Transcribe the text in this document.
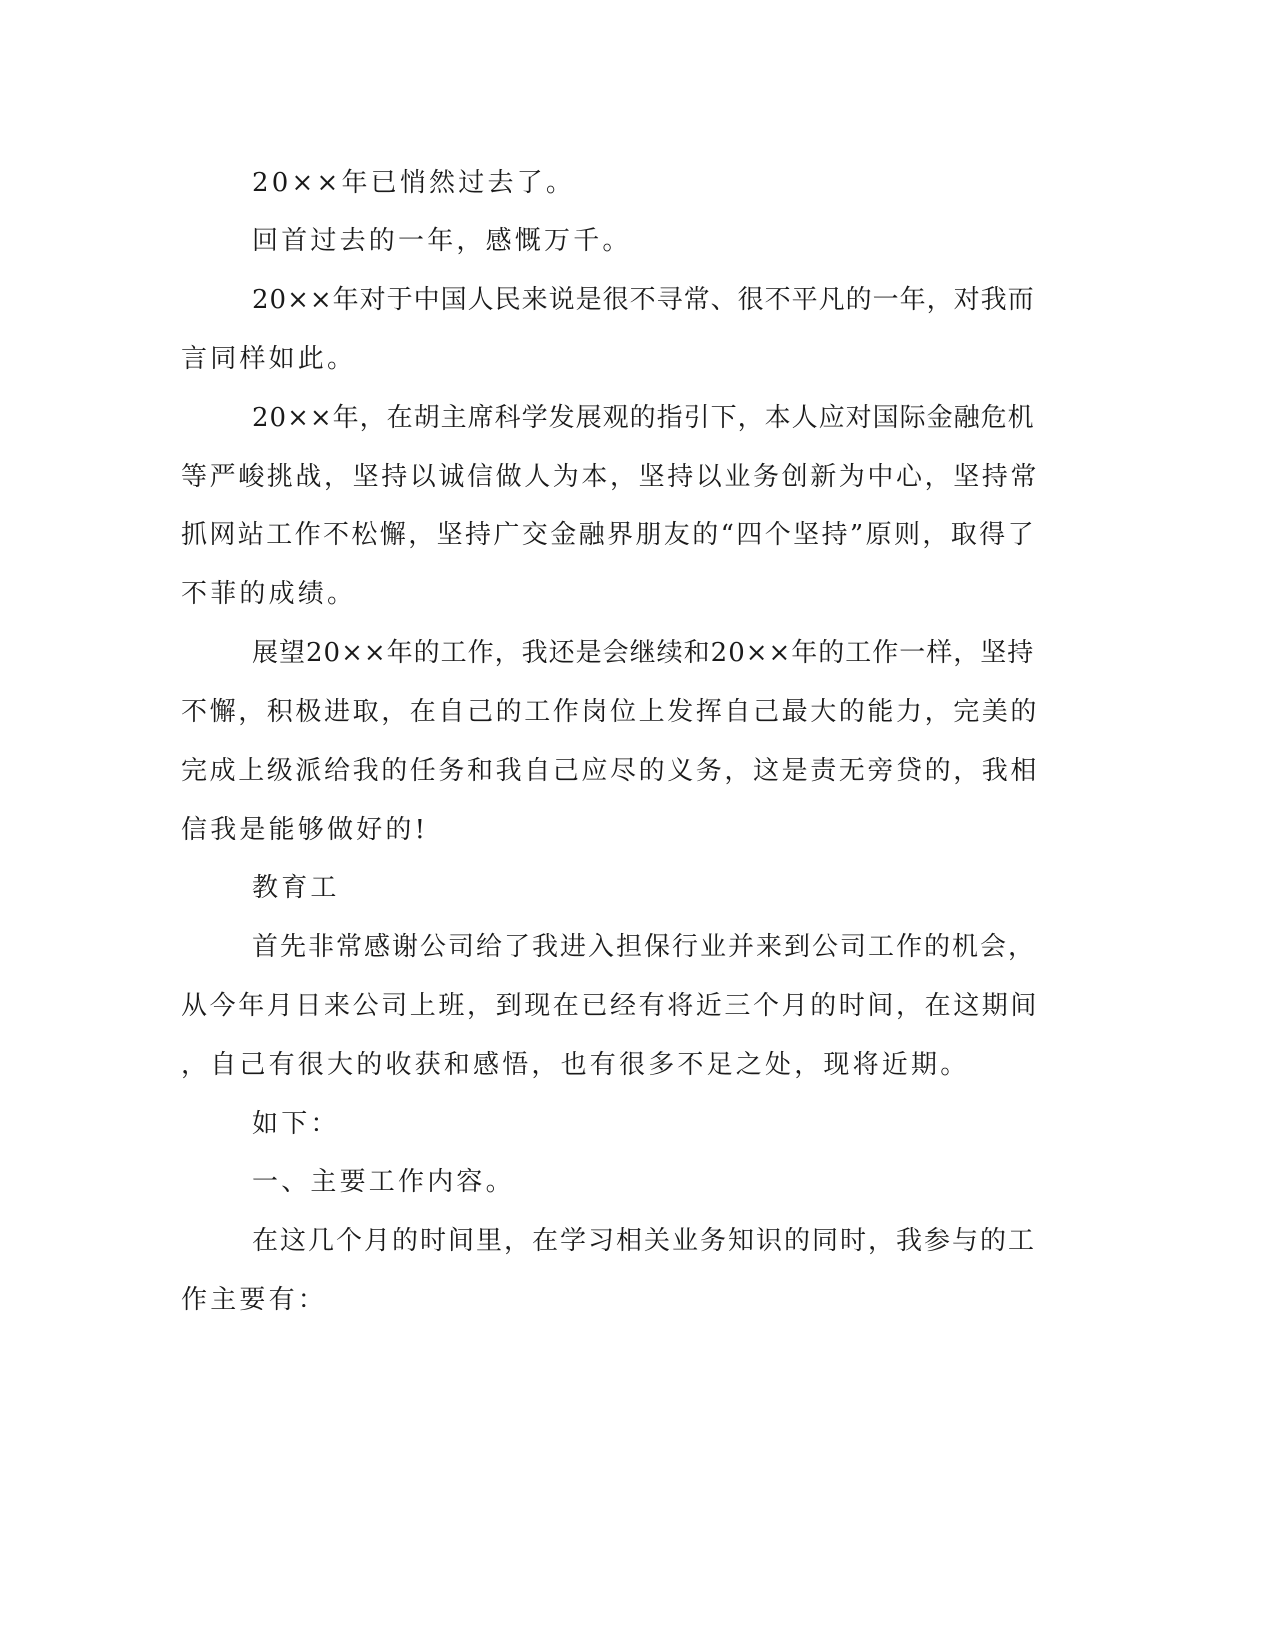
20××年已悄然过去了。
回首过去的一年，感慨万千。
20××年对于中国人民来说是很不寻常、很不平凡的一年，对我而
言同样如此。
20××年，在胡主席科学发展观的指引下，本人应对国际金融危机
等严峻挑战，坚持以诚信做人为本，坚持以业务创新为中心，坚持常
抓网站工作不松懈，坚持广交金融界朋友的“四个坚持”原则，取得了
不菲的成绩。
展望20××年的工作，我还是会继续和20××年的工作一样，坚持
不懈，积极进取，在自己的工作岗位上发挥自己最大的能力，完美的
完成上级派给我的任务和我自己应尽的义务，这是责无旁贷的，我相
信我是能够做好的!
教育工
首先非常感谢公司给了我进入担保行业并来到公司工作的机会，
从今年月日来公司上班，到现在已经有将近三个月的时间，在这期间
，自己有很大的收获和感悟，也有很多不足之处，现将近期。
如下：
一、主要工作内容。
在这几个月的时间里，在学习相关业务知识的同时，我参与的工
作主要有：
